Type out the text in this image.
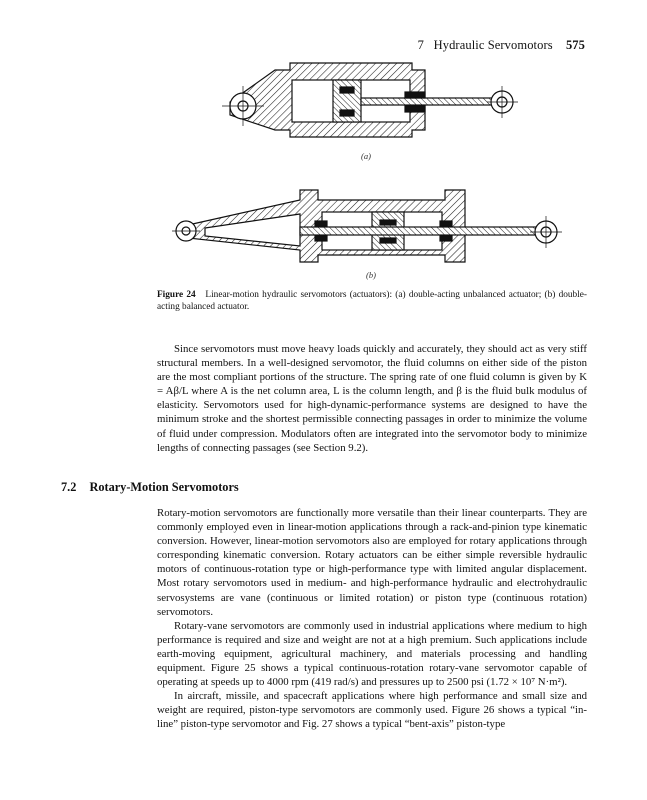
7 Hydraulic Servomotors 575
(a)
(b)
Figure 24 Linear-motion hydraulic servomotors (actuators): (a) double-acting unbalanced actuator; (b) double-acting balanced actuator.

Since servomotors must move heavy loads quickly and accurately, they should act as very stiff structural members. In a well-designed servomotor, the fluid columns on either side of the piston are the most compliant portions of the structure. The spring rate of one fluid column is given by K = Aβ/L where A is the net column area, L is the column length, and β is the fluid bulk modulus of elasticity. Servomotors used for high-dynamic-performance systems are designed to have the minimum stroke and the shortest permissible connecting passages in order to minimize the volume of fluid under compression. Modulators often are integrated into the servomotor body to minimize lengths of connecting passages (see Section 9.2).

7.2 Rotary-Motion Servomotors

Rotary-motion servomotors are functionally more versatile than their linear counterparts. They are commonly employed even in linear-motion applications through a rack-and-pinion type kinematic conversion. However, linear-motion servomotors also are employed for rotary applications through corresponding kinematic conversion. Rotary actuators can be either simple reversible hydraulic motors of continuous-rotation type or high-performance type with limited angular displacement. Most rotary servomotors used in medium- and high-performance hydraulic and electrohydraulic servosystems are vane (continuous or limited rotation) or piston type (continuous rotation) servomotors.

Rotary-vane servomotors are commonly used in industrial applications where medium to high performance is required and size and weight are not at a high premium. Such applications include earth-moving equipment, agricultural machinery, and materials processing and handling equipment. Figure 25 shows a typical continuous-rotation rotary-vane servomotor capable of operating at speeds up to 4000 rpm (419 rad/s) and pressures up to 2500 psi (1.72 × 10⁷ N·m²).

In aircraft, missile, and spacecraft applications where high performance and small size and weight are required, piston-type servomotors are commonly used. Figure 26 shows a typical “in-line” piston-type servomotor and Fig. 27 shows a typical “bent-axis” piston-type
